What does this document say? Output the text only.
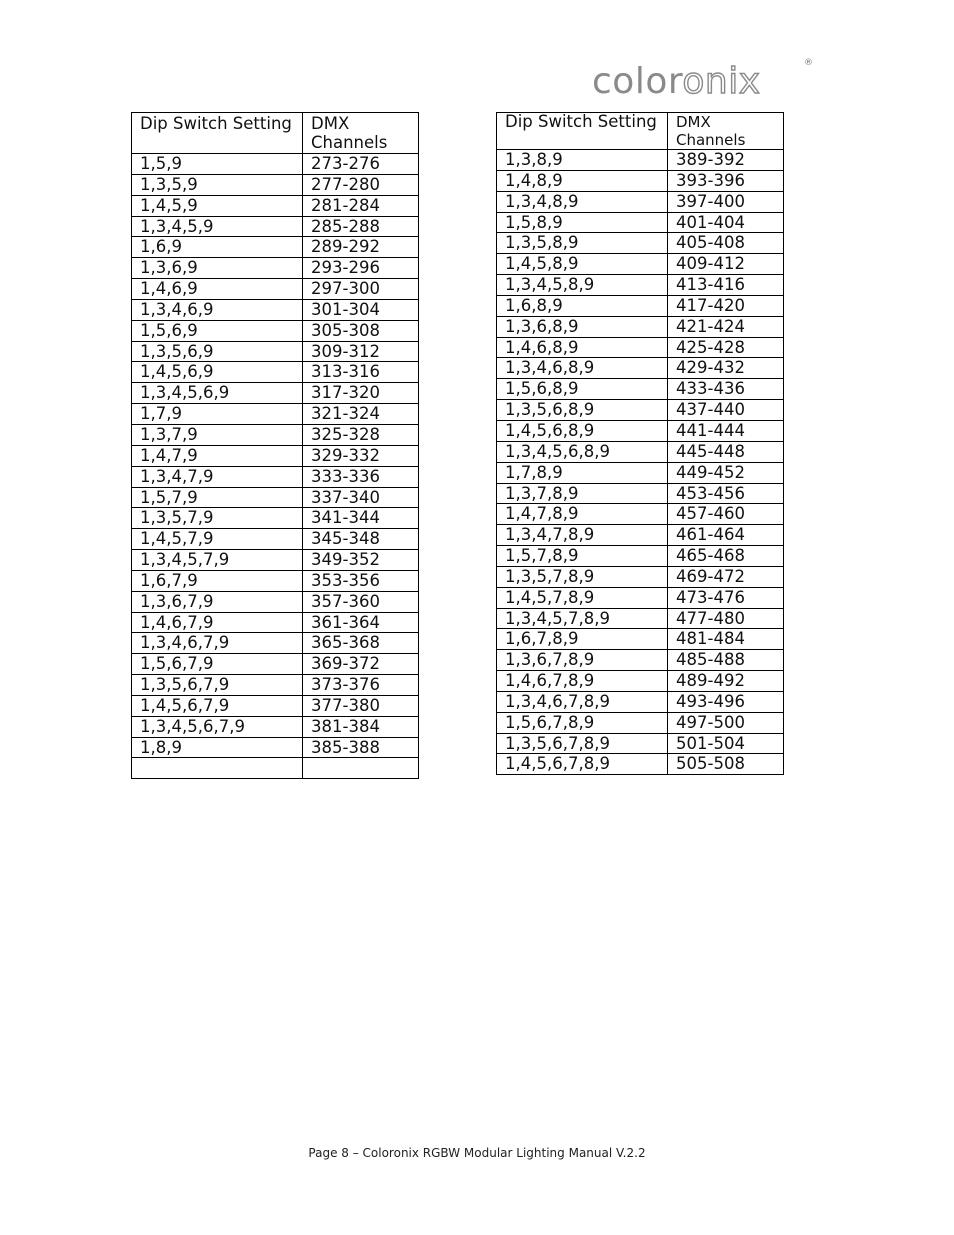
coloronix	®
Dip Switch Setting	DMX
Channels

1,5,9	273-276
1,3,5,9	277-280
1,4,5,9	281-284
1,3,4,5,9	285-288
1,6,9	289-292
1,3,6,9	293-296
1,4,6,9	297-300
1,3,4,6,9	301-304
1,5,6,9	305-308
1,3,5,6,9	309-312
1,4,5,6,9	313-316
1,3,4,5,6,9	317-320
1,7,9	321-324
1,3,7,9	325-328
1,4,7,9	329-332
1,3,4,7,9	333-336
1,5,7,9	337-340
1,3,5,7,9	341-344
1,4,5,7,9	345-348
1,3,4,5,7,9	349-352
1,6,7,9	353-356
1,3,6,7,9	357-360
1,4,6,7,9	361-364
1,3,4,6,7,9	365-368
1,5,6,7,9	369-372
1,3,5,6,7,9	373-376
1,4,5,6,7,9	377-380
1,3,4,5,6,7,9	381-384
1,8,9	385-388

Dip Switch Setting	DMX
Channels

1,3,8,9	389-392
1,4,8,9	393-396
1,3,4,8,9	397-400
1,5,8,9	401-404
1,3,5,8,9	405-408
1,4,5,8,9	409-412
1,3,4,5,8,9	413-416
1,6,8,9	417-420
1,3,6,8,9	421-424
1,4,6,8,9	425-428
1,3,4,6,8,9	429-432
1,5,6,8,9	433-436
1,3,5,6,8,9	437-440
1,4,5,6,8,9	441-444
1,3,4,5,6,8,9	445-448
1,7,8,9	449-452
1,3,7,8,9	453-456
1,4,7,8,9	457-460
1,3,4,7,8,9	461-464
1,5,7,8,9	465-468
1,3,5,7,8,9	469-472
1,4,5,7,8,9	473-476
1,3,4,5,7,8,9	477-480
1,6,7,8,9	481-484
1,3,6,7,8,9	485-488
1,4,6,7,8,9	489-492
1,3,4,6,7,8,9	493-496
1,5,6,7,8,9	497-500
1,3,5,6,7,8,9	501-504
1,4,5,6,7,8,9	505-508
Page 8 – Coloronix RGBW Modular Lighting Manual V.2.2
